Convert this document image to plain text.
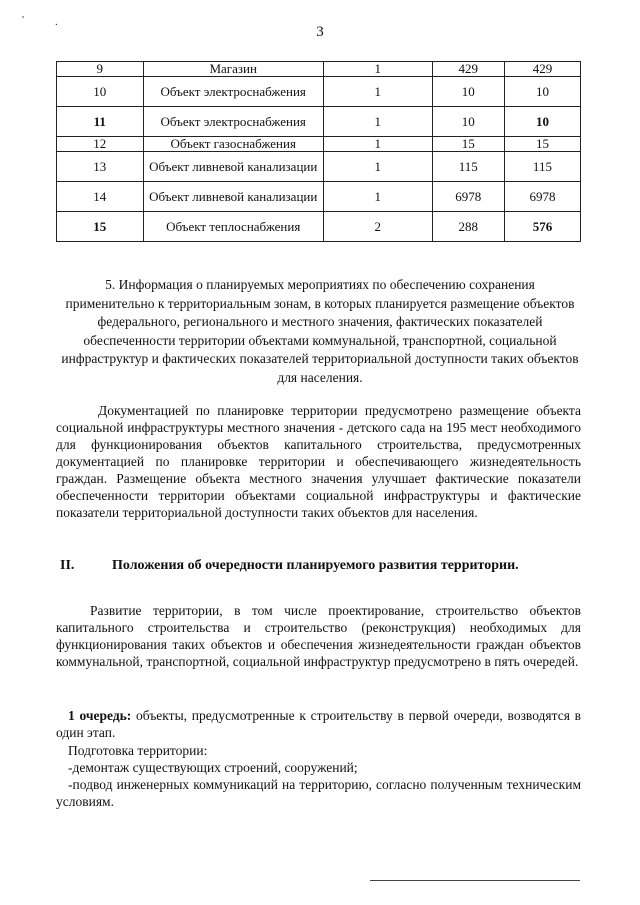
'	.
3
9	Магазин	1	429	429
10	Объект электроснабжения	1	10	10
11	Объект электроснабжения	1	10	10
12	Объект газоснабжения	1	15	15
13	Объект ливневой канализации	1	115	115
14	Объект ливневой канализации	1	6978	6978
15	Объект теплоснабжения	2	288	576
5. Информация о планируемых мероприятиях по обеспечению сохранения применительно к территориальным зонам, в которых планируется размещение объектов федерального, регионального и местного значения, фактических показателей обеспеченности территории объектами коммунальной, транспортной, социальной инфраструктур и фактических показателей территориальной доступности таких объектов для населения.
Документацией по планировке территории предусмотрено размещение объекта социальной инфраструктуры местного значения - детского сада на 195 мест необходимого для функционирования объектов капитального строительства, предусмотренных документацией по планировке территории и обеспечивающего жизнедеятельность граждан. Размещение объекта местного значения улучшает фактические показатели обеспеченности территории объектами социальной инфраструктуры и фактические показатели территориальной доступности таких объектов для населения.
II.	Положения об очередности планируемого развития территории.
Развитие территории, в том числе проектирование, строительство объектов капитального строительства и строительство (реконструкция) необходимых для функционирования таких объектов и обеспечения жизнедеятельности граждан объектов коммунальной, транспортной, социальной инфраструктур предусмотрено в пять очередей.
1 очередь: объекты, предусмотренные к строительству в первой очереди, возводятся в один этап.
Подготовка территории:
-демонтаж существующих строений, сооружений;
-подвод инженерных коммуникаций на территорию, согласно полученным техническим условиям.
